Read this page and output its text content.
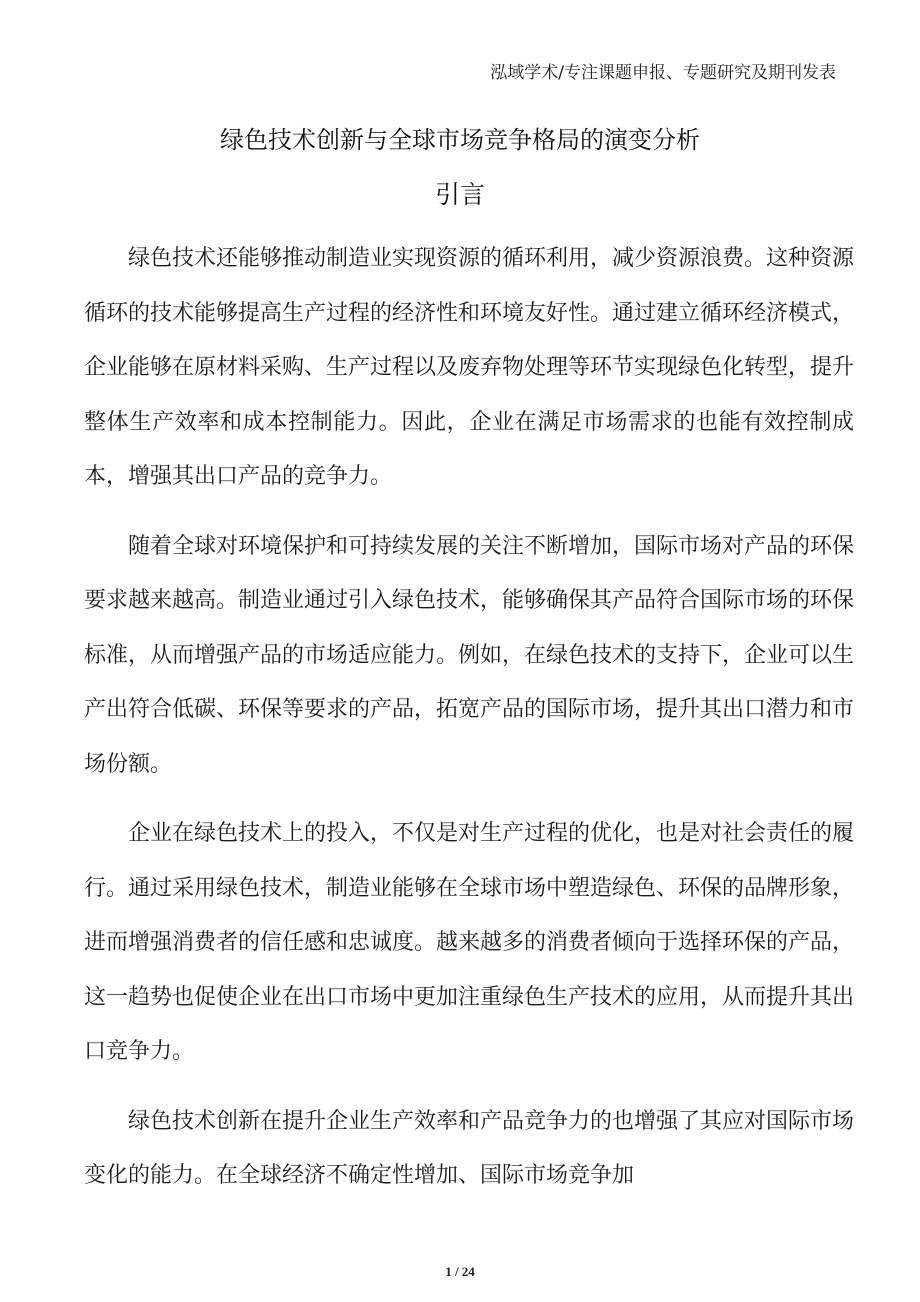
泓域学术/专注课题申报、专题研究及期刊发表
绿色技术创新与全球市场竞争格局的演变分析
引言

绿色技术还能够推动制造业实现资源的循环利用，减少资源浪费。这种资源循环的技术能够提高生产过程的经济性和环境友好性。通过建立循环经济模式，企业能够在原材料采购、生产过程以及废弃物处理等环节实现绿色化转型，提升整体生产效率和成本控制能力。因此，企业在满足市场需求的也能有效控制成本，增强其出口产品的竞争力。

随着全球对环境保护和可持续发展的关注不断增加，国际市场对产品的环保要求越来越高。制造业通过引入绿色技术，能够确保其产品符合国际市场的环保标准，从而增强产品的市场适应能力。例如，在绿色技术的支持下，企业可以生产出符合低碳、环保等要求的产品，拓宽产品的国际市场，提升其出口潜力和市场份额。

企业在绿色技术上的投入，不仅是对生产过程的优化，也是对社会责任的履行。通过采用绿色技术，制造业能够在全球市场中塑造绿色、环保的品牌形象，进而增强消费者的信任感和忠诚度。越来越多的消费者倾向于选择环保的产品，这一趋势也促使企业在出口市场中更加注重绿色生产技术的应用，从而提升其出口竞争力。

绿色技术创新在提升企业生产效率和产品竞争力的也增强了其应对国际市场变化的能力。在全球经济不确定性增加、国际市场竞争加

1 / 24
